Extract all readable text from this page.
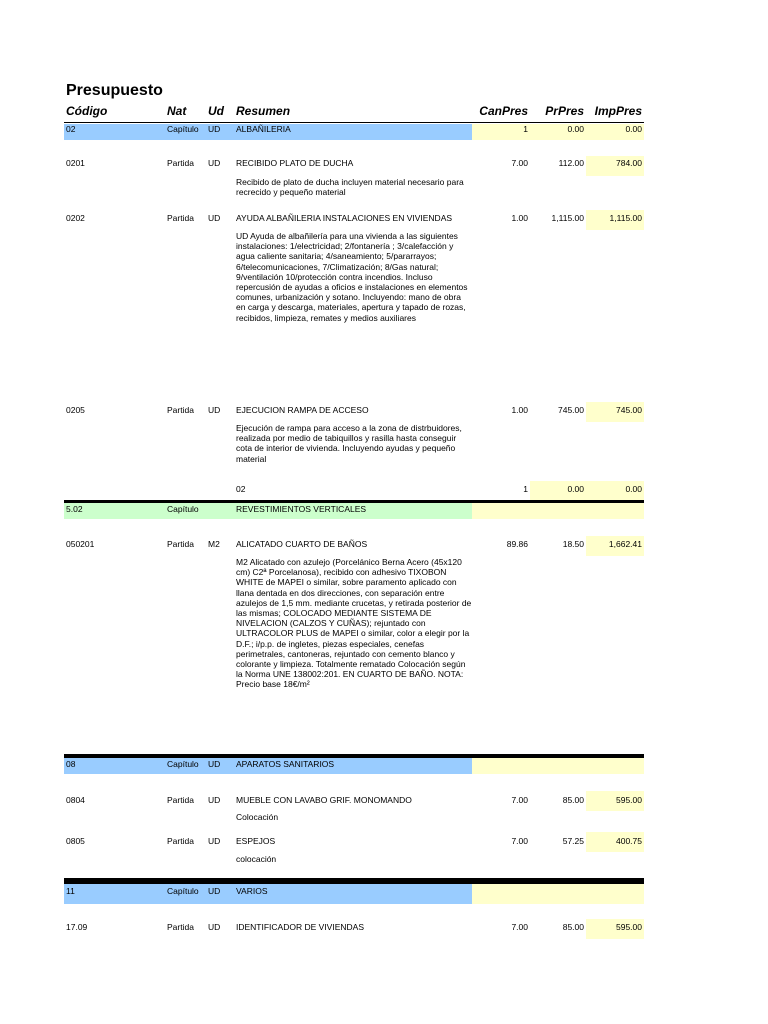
Presupuesto
Código	Nat Ud Resumen	CanPres	PrPres ImpPres
02	Capítulo UD ALBAÑILERIA	1	0.00	0.00
0201	Partida UD RECIBIDO PLATO DE DUCHA	7.00	112.00	784.00
Recibido de plato de ducha incluyen material necesario para recrecido y pequeño material
0202	Partida UD AYUDA ALBAÑILERIA INSTALACIONES EN VIVIENDAS	1.00	1,115.00	1,115.00
UD Ayuda de albañilería para una vivienda a las siguientes instalaciones: 1/electricidad; 2/fontanería ; 3/calefacción y agua caliente sanitaria; 4/saneamiento; 5/pararrayos; 6/telecomunicaciones, 7/Climatización; 8/Gas natural; 9/ventilación 10/protección contra incendios. Incluso repercusión de ayudas a oficios e instalaciones en elementos comunes, urbanización y sotano. Incluyendo: mano de obra en carga y descarga, materiales, apertura y tapado de rozas, recibidos, limpieza, remates y medios auxiliares
0205	Partida UD EJECUCION RAMPA DE ACCESO	1.00	745.00	745.00
Ejecución de rampa para acceso a la zona de distrbuidores, realizada por medio de tabiquillos y rasilla hasta conseguir cota de interior de vivienda. Incluyendo ayudas y pequeño material
02	1	0.00	0.00
5.02	Capítulo	REVESTIMIENTOS VERTICALES
050201	Partida M2 ALICATADO CUARTO DE BAÑOS	89.86	18.50	1,662.41
M2 Alicatado con azulejo (Porcelánico Berna Acero (45x120 cm) C2ª Porcelanosa), recibido con adhesivo TIXOBON WHITE de MAPEI o similar, sobre paramento aplicado con llana dentada en dos direcciones, con separación entre azulejos de 1,5 mm. mediante crucetas, y retirada posterior de las mismas; COLOCADO MEDIANTE SISTEMA DE NIVELACION (CALZOS Y CUÑAS); rejuntado con ULTRACOLOR PLUS de MAPEI o similar, color a elegir por la D.F.; i/p.p. de ingletes, piezas especiales, cenefas perimetrales, cantoneras, rejuntado con cemento blanco y colorante y limpieza. Totalmente rematado Colocación según la Norma UNE 138002:201. EN CUARTO DE BAÑO. NOTA: Precio base 18€/m²
08	Capítulo UD APARATOS SANITARIOS
0804	Partida UD MUEBLE CON LAVABO GRIF. MONOMANDO	7.00	85.00	595.00
Colocación
0805	Partida UD ESPEJOS	7.00	57.25	400.75
colocación
11	Capítulo UD VARIOS
17.09	Partida UD IDENTIFICADOR DE VIVIENDAS	7.00	85.00	595.00
